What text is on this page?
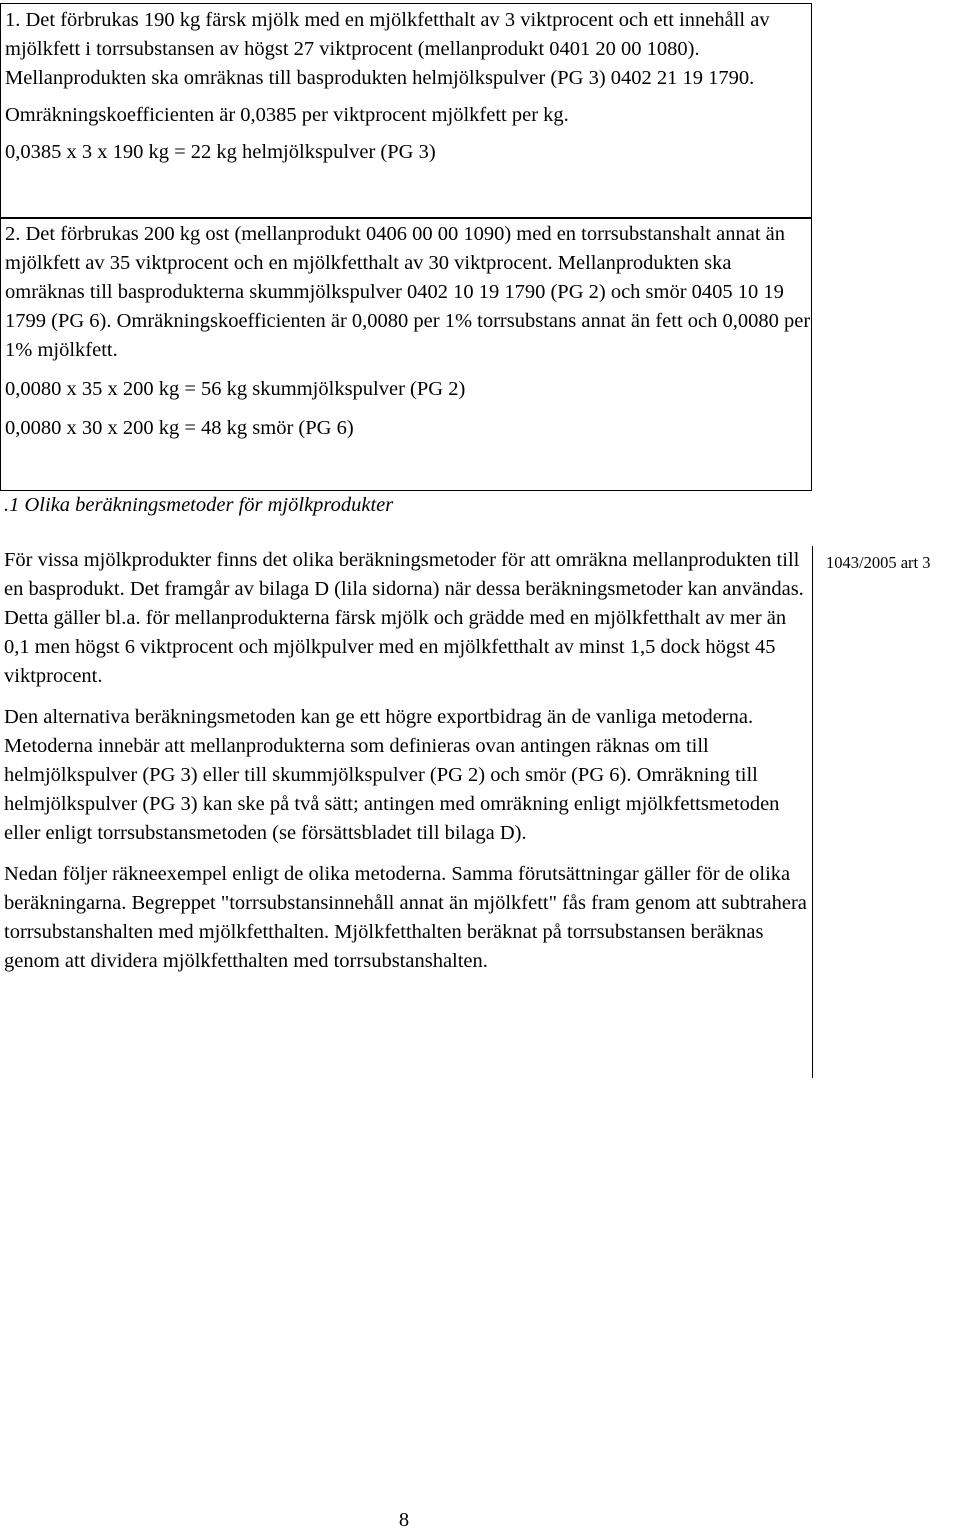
1. Det förbrukas 190 kg färsk mjölk med en mjölkfetthalt av 3 viktprocent och ett innehåll av mjölkfett i torrsubstansen av högst 27 viktprocent (mellanprodukt 0401 20 00 1080). Mellanprodukten ska omräknas till basprodukten helmjölkspulver (PG 3) 0402 21 19 1790.

Omräkningskoefficienten är 0,0385 per viktprocent mjölkfett per kg.

0,0385 x 3 x 190 kg = 22 kg helmjölkspulver (PG 3)

2. Det förbrukas 200 kg ost (mellanprodukt 0406 00 00 1090) med en torrsubstanshalt annat än mjölkfett av 35 viktprocent och en mjölkfetthalt av 30 viktprocent. Mellanprodukten ska omräknas till basprodukterna skummjölkspulver 0402 10 19 1790 (PG 2) och smör 0405 10 19 1799 (PG 6). Omräkningskoefficienten är 0,0080 per 1% torrsubstans annat än fett och 0,0080 per 1% mjölkfett.

0,0080 x 35 x 200 kg = 56 kg skummjölkspulver (PG 2)

0,0080 x 30 x 200 kg = 48 kg smör (PG 6)

.1 Olika beräkningsmetoder för mjölkprodukter

För vissa mjölkprodukter finns det olika beräkningsmetoder för att omräkna mellanprodukten till en basprodukt. Det framgår av bilaga D (lila sidorna) när dessa beräkningsmetoder kan användas. Detta gäller bl.a. för mellanprodukterna färsk mjölk och grädde med en mjölkfetthalt av mer än 0,1 men högst 6 viktprocent och mjölkpulver med en mjölkfetthalt av minst 1,5 dock högst 45 viktprocent.

Den alternativa beräkningsmetoden kan ge ett högre exportbidrag än de vanliga metoderna. Metoderna innebär att mellanprodukterna som definieras ovan antingen räknas om till helmjölkspulver (PG 3) eller till skummjölkspulver (PG 2) och smör (PG 6). Omräkning till helmjölkspulver (PG 3) kan ske på två sätt; antingen med omräkning enligt mjölkfettsmetoden eller enligt torrsubstansmetoden (se försättsbladet till bilaga D).

Nedan följer räkneexempel enligt de olika metoderna. Samma förutsättningar gäller för de olika beräkningarna. Begreppet "torrsubstansinnehåll annat än mjölkfett" fås fram genom att subtrahera torrsubstanshalten med mjölkfetthalten. Mjölkfetthalten beräknat på torrsubstansen beräknas genom att dividera mjölkfetthalten med torrsubstanshalten.

1043/2005 art 3
8
